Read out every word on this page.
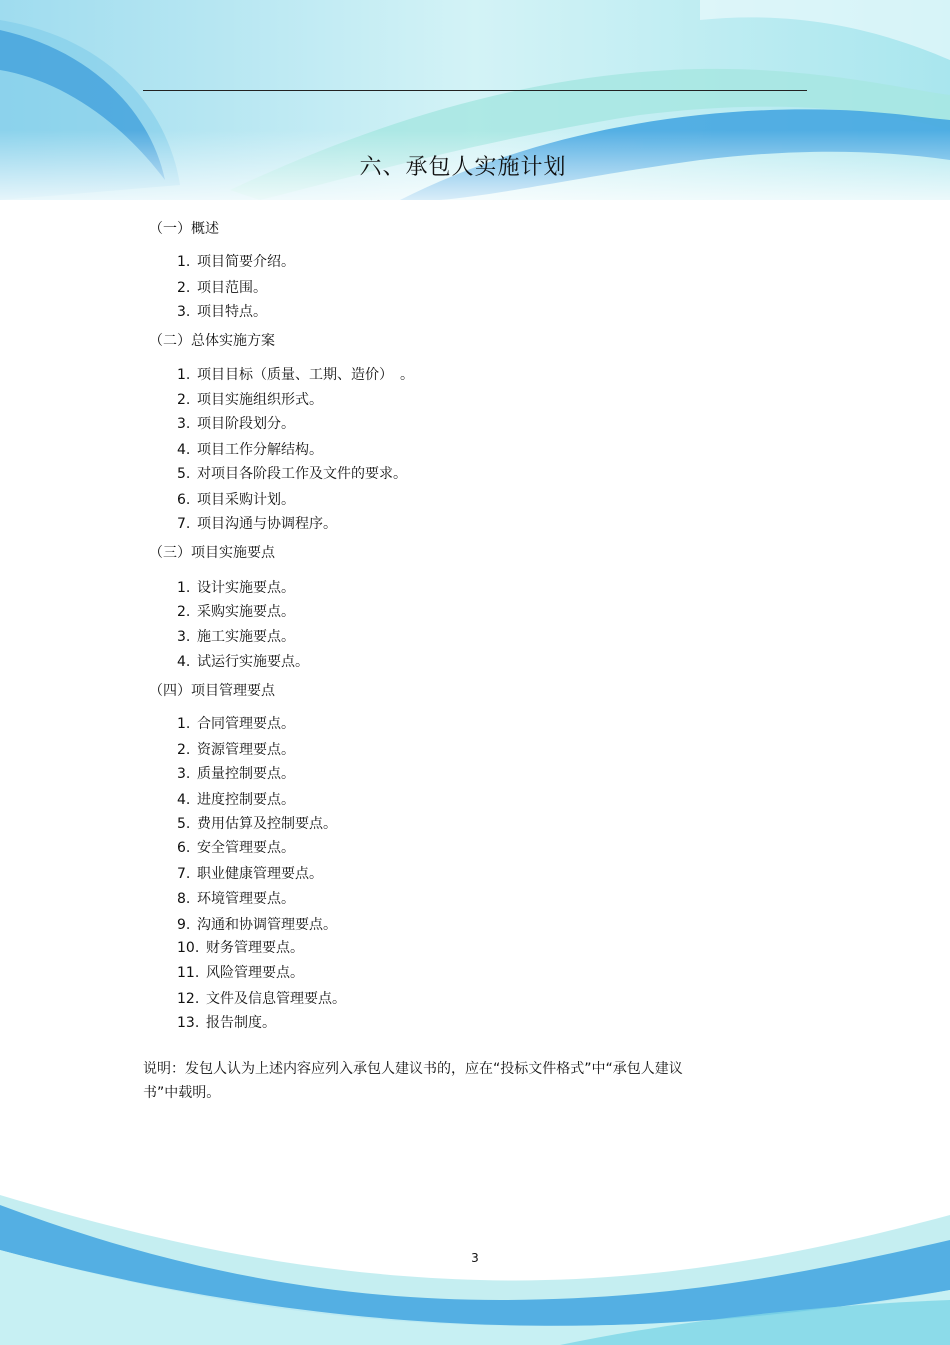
六、承包人实施计划
（一）概述
1. 项目简要介绍。
2. 项目范围。
3. 项目特点。
（二）总体实施方案
1. 项目目标（质量、工期、造价）　。
2. 项目实施组织形式。
3. 项目阶段划分。
4. 项目工作分解结构。
5. 对项目各阶段工作及文件的要求。
6. 项目采购计划。
7. 项目沟通与协调程序。
（三）项目实施要点
1. 设计实施要点。
2. 采购实施要点。
3. 施工实施要点。
4. 试运行实施要点。
（四）项目管理要点
1. 合同管理要点。
2. 资源管理要点。
3. 质量控制要点。
4. 进度控制要点。
5. 费用估算及控制要点。
6. 安全管理要点。
7. 职业健康管理要点。
8. 环境管理要点。
9. 沟通和协调管理要点。
10. 财务管理要点。
11. 风险管理要点。
12. 文件及信息管理要点。
13. 报告制度。
说明：发包人认为上述内容应列入承包人建议书的，应在“投标文件格式”中“承包人建议
书”中载明。
3
